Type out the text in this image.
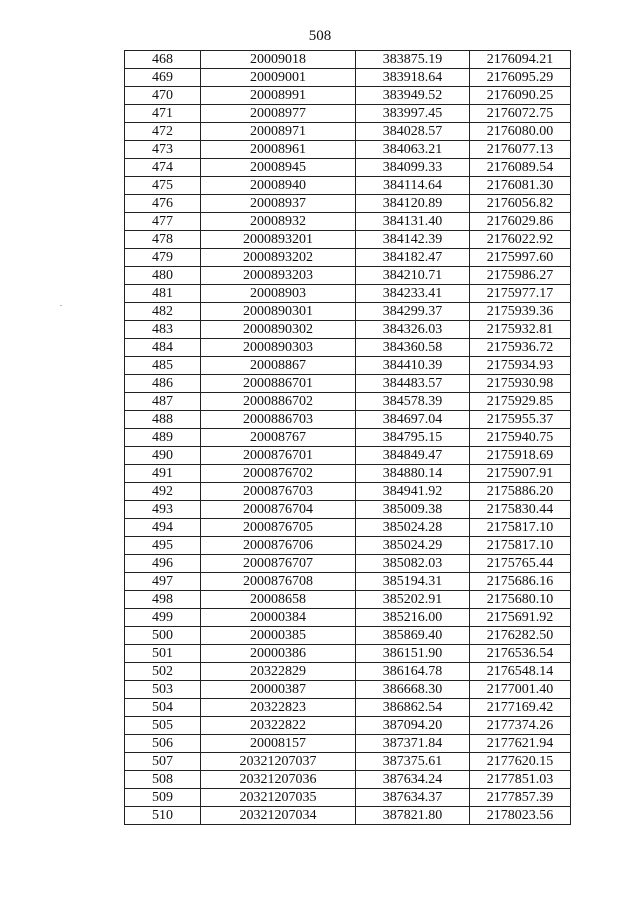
508
468	20009018	383875.19	2176094.21
469	20009001	383918.64	2176095.29
470	20008991	383949.52	2176090.25
471	20008977	383997.45	2176072.75
472	20008971	384028.57	2176080.00
473	20008961	384063.21	2176077.13
474	20008945	384099.33	2176089.54
475	20008940	384114.64	2176081.30
476	20008937	384120.89	2176056.82
477	20008932	384131.40	2176029.86
478	2000893201	384142.39	2176022.92
479	2000893202	384182.47	2175997.60
480	2000893203	384210.71	2175986.27
481	20008903	384233.41	2175977.17
482	2000890301	384299.37	2175939.36
483	2000890302	384326.03	2175932.81
484	2000890303	384360.58	2175936.72
485	20008867	384410.39	2175934.93
486	2000886701	384483.57	2175930.98
487	2000886702	384578.39	2175929.85
488	2000886703	384697.04	2175955.37
489	20008767	384795.15	2175940.75
490	2000876701	384849.47	2175918.69
491	2000876702	384880.14	2175907.91
492	2000876703	384941.92	2175886.20
493	2000876704	385009.38	2175830.44
494	2000876705	385024.28	2175817.10
495	2000876706	385024.29	2175817.10
496	2000876707	385082.03	2175765.44
497	2000876708	385194.31	2175686.16
498	20008658	385202.91	2175680.10
499	20000384	385216.00	2175691.92
500	20000385	385869.40	2176282.50
501	20000386	386151.90	2176536.54
502	20322829	386164.78	2176548.14
503	20000387	386668.30	2177001.40
504	20322823	386862.54	2177169.42
505	20322822	387094.20	2177374.26
506	20008157	387371.84	2177621.94
507	20321207037	387375.61	2177620.15
508	20321207036	387634.24	2177851.03
509	20321207035	387634.37	2177857.39
510	20321207034	387821.80	2178023.56
